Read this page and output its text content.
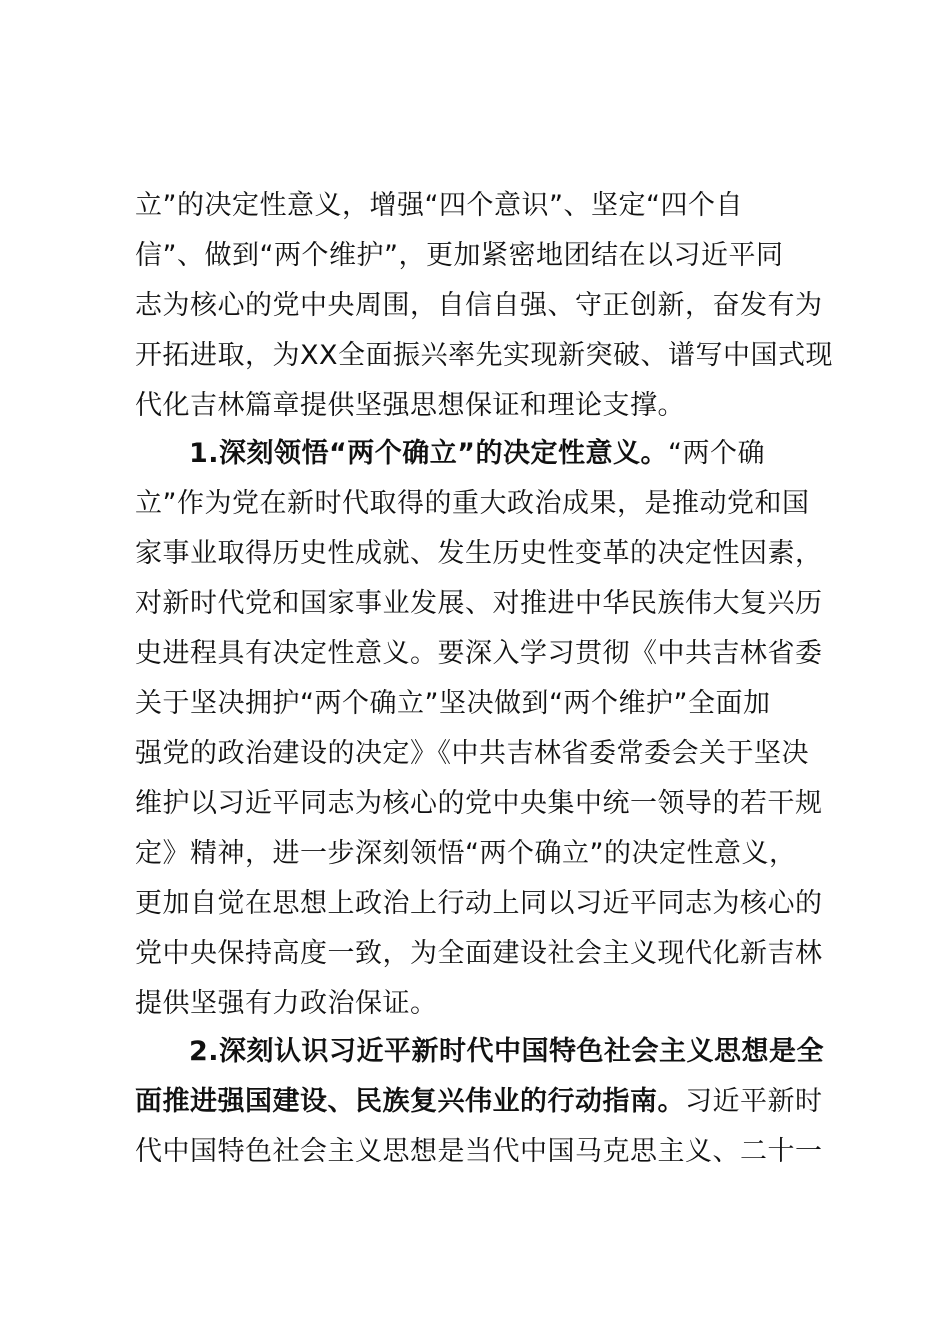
立”的决定性意义，增强“四个意识”、坚定“四个自
信”、做到“两个维护”，更加紧密地团结在以习近平同
志为核心的党中央周围，自信自强、守正创新，奋发有为
开拓进取，为XX全面振兴率先实现新突破、谱写中国式现
代化吉林篇章提供坚强思想保证和理论支撑。
1.深刻领悟“两个确立”的决定性意义。“两个确
立”作为党在新时代取得的重大政治成果，是推动党和国
家事业取得历史性成就、发生历史性变革的决定性因素，
对新时代党和国家事业发展、对推进中华民族伟大复兴历
史进程具有决定性意义。要深入学习贯彻《中共吉林省委
关于坚决拥护“两个确立”坚决做到“两个维护”全面加
强党的政治建设的决定》《中共吉林省委常委会关于坚决
维护以习近平同志为核心的党中央集中统一领导的若干规
定》精神，进一步深刻领悟“两个确立”的决定性意义，
更加自觉在思想上政治上行动上同以习近平同志为核心的
党中央保持高度一致，为全面建设社会主义现代化新吉林
提供坚强有力政治保证。
2.深刻认识习近平新时代中国特色社会主义思想是全
面推进强国建设、民族复兴伟业的行动指南。习近平新时
代中国特色社会主义思想是当代中国马克思主义、二十一
